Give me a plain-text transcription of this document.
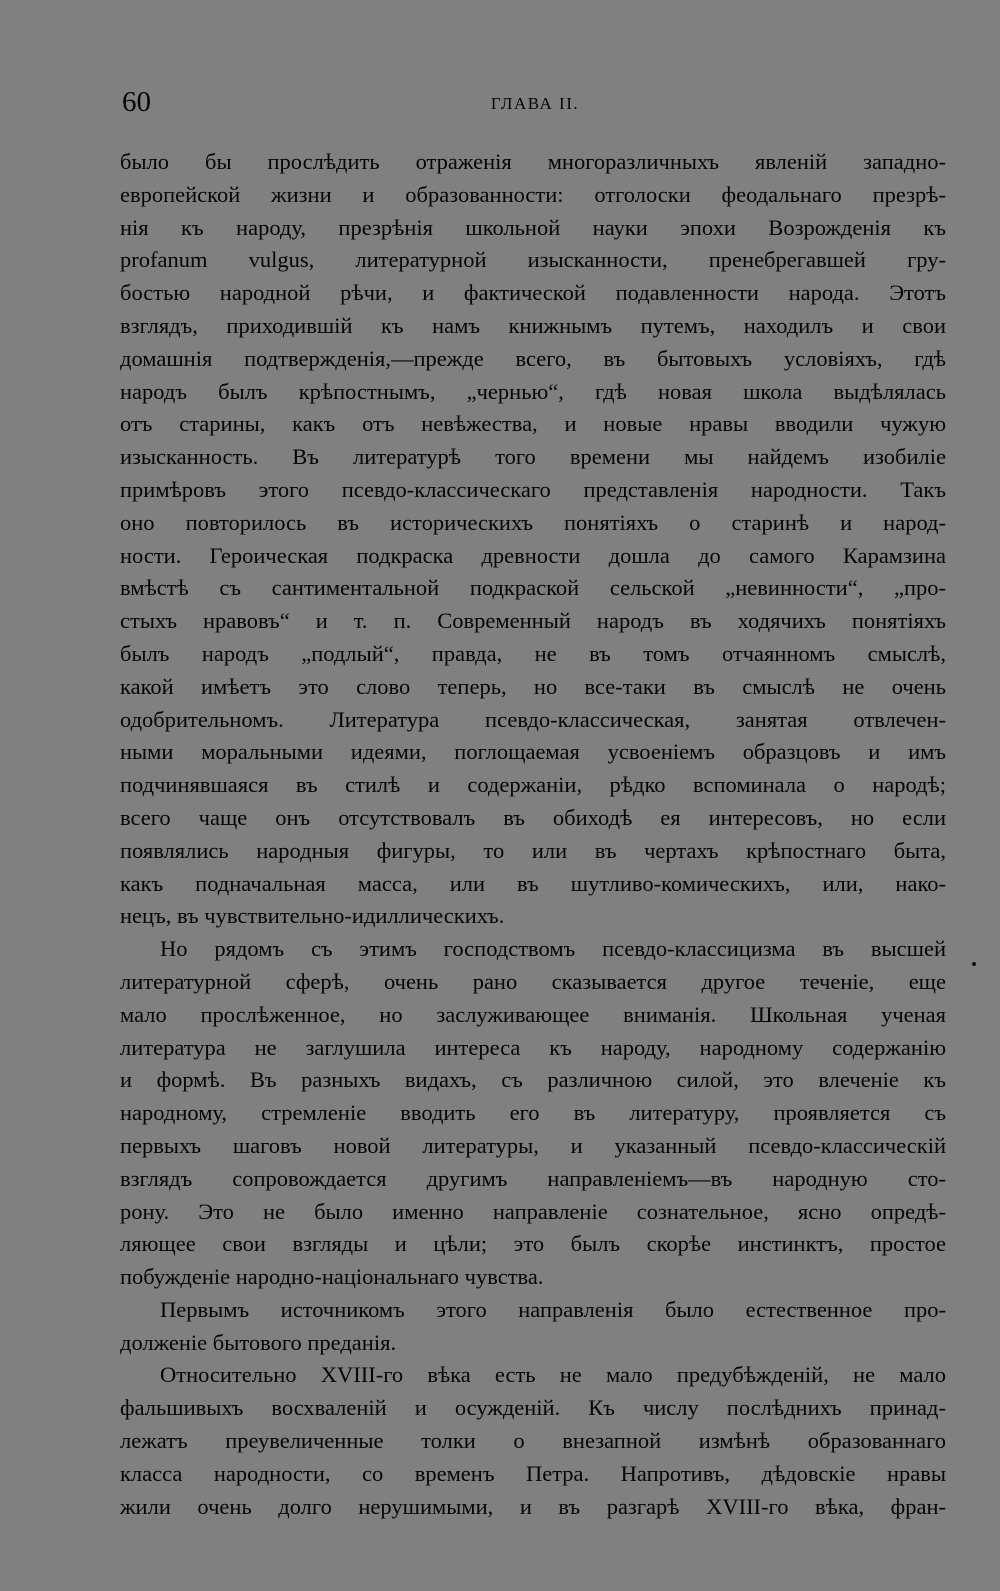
60	ГЛАВА II.
было бы прослѣдить отраженія многоразличныхъ явленій западно-
европейской жизни и образованности: отголоски феодальнаго презрѣ-
нія къ народу, презрѣнія школьной науки эпохи Возрожденія къ
profanum vulgus, литературной изысканности, пренебрегавшей гру-
бостью народной рѣчи, и фактической подавленности народа. Этотъ
взглядъ, приходившій къ намъ книжнымъ путемъ, находилъ и свои
домашнія подтвержденія,—прежде всего, въ бытовыхъ условіяхъ, гдѣ
народъ былъ крѣпостнымъ, „чернью“, гдѣ новая школа выдѣлялась
отъ старины, какъ отъ невѣжества, и новые нравы вводили чужую
изысканность. Въ литературѣ того времени мы найдемъ изобиліе
примѣровъ этого псевдо-классическаго представленія народности. Такъ
оно повторилось въ историческихъ понятіяхъ о старинѣ и народ-
ности. Героическая подкраска древности дошла до самого Карамзина
вмѣстѣ съ сантиментальной подкраской сельской „невинности“, „про-
стыхъ нравовъ“ и т. п. Современный народъ въ ходячихъ понятіяхъ
былъ народъ „подлый“, правда, не въ томъ отчаянномъ смыслѣ,
какой имѣетъ это слово теперь, но все-таки въ смыслѣ не очень
одобрительномъ. Литература псевдо-классическая, занятая отвлечен-
ными моральными идеями, поглощаемая усвоеніемъ образцовъ и имъ
подчинявшаяся въ стилѣ и содержаніи, рѣдко вспоминала о народѣ;
всего чаще онъ отсутствовалъ въ обиходѣ ея интересовъ, но если
появлялись народныя фигуры, то или въ чертахъ крѣпостнаго быта,
какъ подначальная масса, или въ шутливо-комическихъ, или, нако-
нецъ, въ чувствительно-идиллическихъ.
Но рядомъ съ этимъ господствомъ псевдо-классицизма въ высшей
литературной сферѣ, очень рано сказывается другое теченіе, еще
мало прослѣженное, но заслуживающее вниманія. Школьная ученая
литература не заглушила интереса къ народу, народному содержанію
и формѣ. Въ разныхъ видахъ, съ различною силой, это влеченіе къ
народному, стремленіе вводить его въ литературу, проявляется съ
первыхъ шаговъ новой литературы, и указанный псевдо-классическій
взглядъ сопровождается другимъ направленіемъ—въ народную сто-
рону. Это не было именно направленіе сознательное, ясно опредѣ-
ляющее свои взгляды и цѣли; это былъ скорѣе инстинктъ, простое
побужденіе народно-національнаго чувства.
Первымъ источникомъ этого направленія было естественное про-
долженіе бытового преданія.
Относительно XVIII-го вѣка есть не мало предубѣжденій, не мало
фальшивыхъ восхваленій и осужденій. Къ числу послѣднихъ принад-
лежатъ преувеличенные толки о внезапной измѣнѣ образованнаго
класса народности, со временъ Петра. Напротивъ, дѣдовскіе нравы
жили очень долго нерушимыми, и въ разгарѣ XVIII-го вѣка, фран-
